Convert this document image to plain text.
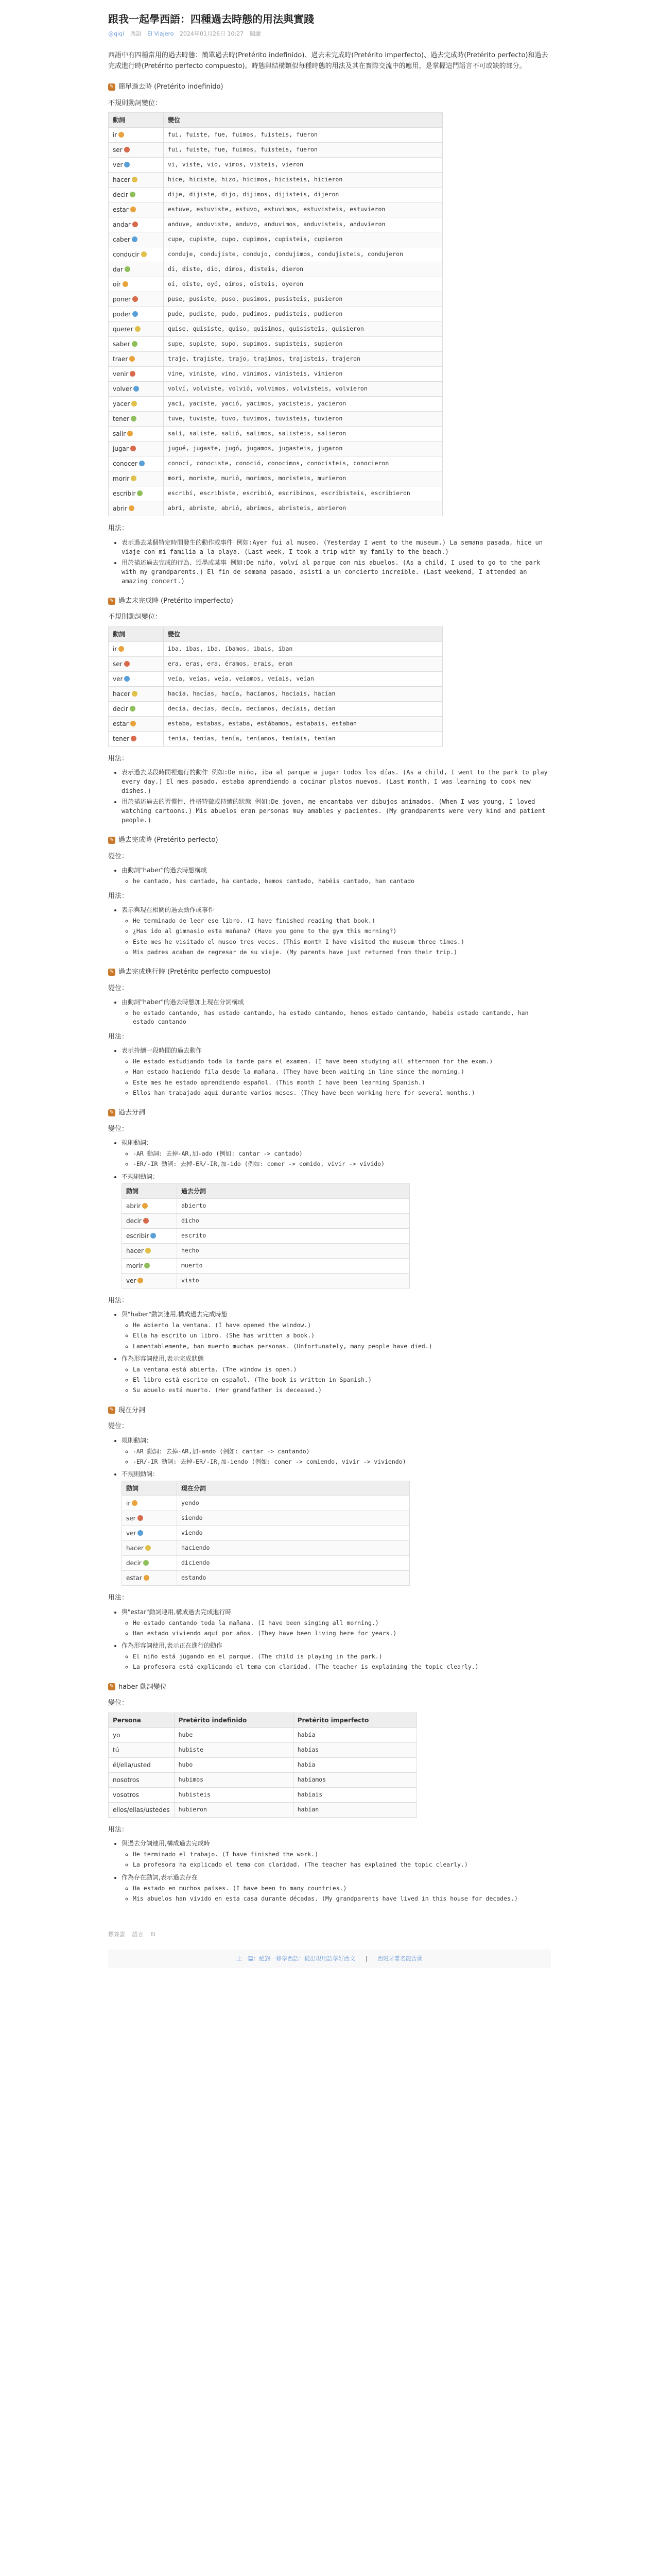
跟我一起學西語：四種過去時態的用法與實踐
@qiqi 西語 Ei Viajero 2024年01月26日 10:27 閱讀

西語中有四種常用的過去時態：簡單過去時(Pretérito indefinido)、過去未完成時(Pretérito imperfecto)、過去完成時(Pretérito perfecto)和過去完成進行時(Pretérito perfecto compuesto)。時態與結構類似每種時態的用法及其在實際交流中的應用，是掌握這門語言不可或缺的部分。

✎ 簡單過去時 (Pretérito indefinido)
不規則動詞變位：
動詞	變位
ir	fui, fuiste, fue, fuimos, fuisteis, fueron
ser	fui, fuiste, fue, fuimos, fuisteis, fueron
ver	vi, viste, vio, vimos, visteis, vieron
hacer	hice, hiciste, hizo, hicimos, hicisteis, hicieron
decir	dije, dijiste, dijo, dijimos, dijisteis, dijeron
estar	estuve, estuviste, estuvo, estuvimos, estuvisteis, estuvieron
andar	anduve, anduviste, anduvo, anduvimos, anduvisteis, anduvieron
caber	cupe, cupiste, cupo, cupimos, cupisteis, cupieron
conducir	conduje, condujiste, condujo, condujimos, condujisteis, condujeron
dar	di, diste, dio, dimos, disteis, dieron
oír	oí, oíste, oyó, oímos, oísteis, oyeron
poner	puse, pusiste, puso, pusimos, pusisteis, pusieron
poder	pude, pudiste, pudo, pudimos, pudisteis, pudieron
querer	quise, quisiste, quiso, quisimos, quisisteis, quisieron
saber	supe, supiste, supo, supimos, supisteis, supieron
traer	traje, trajiste, trajo, trajimos, trajisteis, trajeron
venir	vine, viniste, vino, vinimos, vinisteis, vinieron
volver	volví, volviste, volvió, volvimos, volvisteis, volvieron
yacer	yací, yaciste, yació, yacimos, yacisteis, yacieron
tener	tuve, tuviste, tuvo, tuvimos, tuvisteis, tuvieron
salir	salí, saliste, salió, salimos, salisteis, salieron
jugar	jugué, jugaste, jugó, jugamos, jugasteis, jugaron
conocer	conocí, conociste, conoció, conocimos, conocisteis, conocieron
morir	morí, moriste, murió, morimos, moristeis, murieron
escribir	escribí, escribiste, escribió, escribimos, escribisteis, escribieron
abrir	abrí, abriste, abrió, abrimos, abristeis, abrieron
用法：
• 表示過去某個特定時間發生的動作或事件 例如:Ayer fui al museo. (Yesterday I went to the museum.) La semana pasada, hice un viaje con mi familia a la playa. (Last week, I took a trip with my family to the beach.)
• 用於描述過去完成的行為、頒墨或某事 例如:De niño, volví al parque con mis abuelos. (As a child, I used to go to the park with my grandparents.) El fin de semana pasado, asistí a un concierto increíble. (Last weekend, I attended an amazing concert.)
✎ 過去未完成時 (Pretérito imperfecto)
不規則動詞變位：
動詞	變位
ir	iba, ibas, iba, íbamos, ibais, iban
ser	era, eras, era, éramos, erais, eran
ver	veía, veías, veía, veíamos, veíais, veían
hacer	hacía, hacías, hacía, hacíamos, hacíais, hacían
decir	decía, decías, decía, decíamos, decíais, decían
estar	estaba, estabas, estaba, estábamos, estabais, estaban
tener	tenía, tenías, tenía, teníamos, teníais, tenían
用法：
• 表示過去某段時間裡進行的動作 例如:De niño, iba al parque a jugar todos los días. (As a child, I went to the park to play every day.) El mes pasado, estaba aprendiendo a cocinar platos nuevos. (Last month, I was learning to cook new dishes.)
• 用於描述過去的習慣性、性格特徵或持續的狀態 例如:De joven, me encantaba ver dibujos animados. (When I was young, I loved watching cartoons.) Mis abuelos eran personas muy amables y pacientes. (My grandparents were very kind and patient people.)
✎ 過去完成時 (Pretérito perfecto)
變位：
• 由動詞"haber"的過去時態構成
◦ he cantado, has cantado, ha cantado, hemos cantado, habéis cantado, han cantado
用法：
• 表示與現在相關的過去動作或事件
◦ He terminado de leer ese libro. (I have finished reading that book.)
◦ ¿Has ido al gimnasio esta mañana? (Have you gone to the gym this morning?)
◦ Este mes he visitado el museo tres veces. (This month I have visited the museum three times.)
◦ Mis padres acaban de regresar de su viaje. (My parents have just returned from their trip.)
✎ 過去完成進行時 (Pretérito perfecto compuesto)
變位：
• 由動詞"haber"的過去時態加上現在分詞構成
◦ he estado cantando, has estado cantando, ha estado cantando, hemos estado cantando, habéis estado cantando, han estado cantando
用法：
• 表示持續一段時間的過去動作
◦ He estado estudiando toda la tarde para el examen. (I have been studying all afternoon for the exam.)
◦ Han estado haciendo fila desde la mañana. (They have been waiting in line since the morning.)
◦ Este mes he estado aprendiendo español. (This month I have been learning Spanish.)
◦ Ellos han trabajado aquí durante varios meses. (They have been working here for several months.)
✎ 過去分詞
變位：
• 規則動詞：
◦ -AR 動詞: 去掉-AR,加-ado (例如: cantar -> cantado)
◦ -ER/-IR 動詞: 去掉-ER/-IR,加-ido (例如: comer -> comido, vivir -> vivido)
• 不規則動詞：
動詞	過去分詞
abrir	abierto
decir	dicho
escribir	escrito
hacer	hecho
morir	muerto
ver	visto
用法：
• 與"haber"動詞連用,構成過去完成時態
◦ He abierto la ventana. (I have opened the window.)
◦ Ella ha escrito un libro. (She has written a book.)
◦ Lamentablemente, han muerto muchas personas. (Unfortunately, many people have died.)
• 作為形容詞使用,表示完成狀態
◦ La ventana está abierta. (The window is open.)
◦ El libro está escrito en español. (The book is written in Spanish.)
◦ Su abuelo está muerto. (Her grandfather is deceased.)
✎ 現在分詞
變位：
• 規則動詞：
◦ -AR 動詞: 去掉-AR,加-ando (例如: cantar -> cantando)
◦ -ER/-IR 動詞: 去掉-ER/-IR,加-iendo (例如: comer -> comiendo, vivir -> viviendo)
• 不規則動詞：
動詞	現在分詞
ir	yendo
ser	siendo
ver	viendo
hacer	haciendo
decir	diciendo
estar	estando
用法：
• 與"estar"動詞連用,構成過去完成進行時
◦ He estado cantando toda la mañana. (I have been singing all morning.)
◦ Han estado viviendo aquí por años. (They have been living here for years.)
• 作為形容詞使用,表示正在進行的動作
◦ El niño está jugando en el parque. (The child is playing in the park.)
◦ La profesora está explicando el tema con claridad. (The teacher is explaining the topic clearly.)
✎ haber 動詞變位
變位：
Persona	Pretérito indefinido	Pretérito imperfecto
yo	hube	había
tú	hubiste	habías
él/ella/usted	hubo	había
nosotros	hubimos	habíamos
vosotros	hubisteis	habíais
ellos/ellas/ustedes	hubieron	habían
用法：
• 與過去分詞連用,構成過去完成時
◦ He terminado el trabajo. (I have finished the work.)
◦ La profesora ha explicado el tema con claridad. (The teacher has explained the topic clearly.)
• 作為存在動詞,表示過去存在
◦ Ha estado en muchos países. (I have been to many countries.)
◦ Mis abuelos han vivido en esta casa durante décadas. (My grandparents have lived in this house for decades.)
標簽雲 語言 Ei
上一篇：絕對一條學西語：從出現用語學好西文 | 西班牙著名龍舌蘭
